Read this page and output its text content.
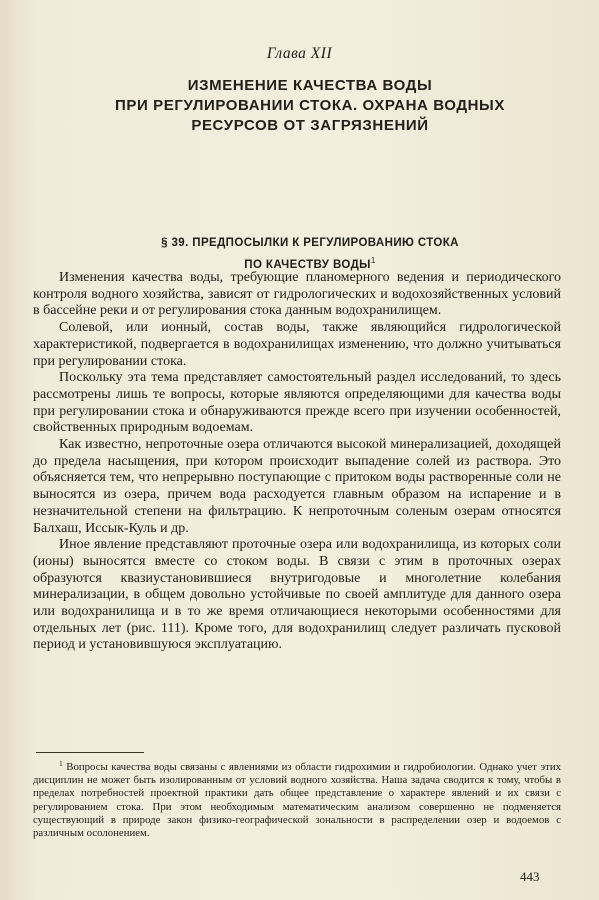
Глава XII
ИЗМЕНЕНИЕ КАЧЕСТВА ВОДЫ
ПРИ РЕГУЛИРОВАНИИ СТОКА. ОХРАНА ВОДНЫХ
РЕСУРСОВ ОТ ЗАГРЯЗНЕНИЙ
§ 39. ПРЕДПОСЫЛКИ К РЕГУЛИРОВАНИЮ СТОКА
ПО КАЧЕСТВУ ВОДЫ$^1$

Изменения качества воды, требующие планомерного ведения и периодического контроля водного хозяйства, зависят от гидрологических и водохозяйственных условий в бассейне реки и от регулирования стока данным водохранилищем.

Солевой, или ионный, состав воды, также являющийся гидрологической характеристикой, подвергается в водохранилищах изменению, что должно учитываться при регулировании стока.

Поскольку эта тема представляет самостоятельный раздел исследований, то здесь рассмотрены лишь те вопросы, которые являются определяющими для качества воды при регулировании стока и обнаруживаются прежде всего при изучении особенностей, свойственных природным водоемам.

Как известно, непроточные озера отличаются высокой минерализацией, доходящей до предела насыщения, при котором происходит выпадение солей из раствора. Это объясняется тем, что непрерывно поступающие с притоком воды растворенные соли не выносятся из озера, причем вода расходуется главным образом на испарение и в незначительной степени на фильтрацию. К непроточным соленым озерам относятся Балхаш, Иссык-Куль и др.

Иное явление представляют проточные озера или водохранилища, из которых соли (ионы) выносятся вместе со стоком воды. В связи с этим в проточных озерах образуются квазиустановившиеся внутригодовые и многолетние колебания минерализации, в общем довольно устойчивые по своей амплитуде для данного озера или водохранилища и в то же время отличающиеся некоторыми особенностями для отдельных лет (рис. 111). Кроме того, для водохранилищ следует различать пусковой период и установившуюся эксплуатацию.

$^1$ Вопросы качества воды связаны с явлениями из области гидрохимии и гидробиологии. Однако учет этих дисциплин не может быть изолированным от условий водного хозяйства. Наша задача сводится к тому, чтобы в пределах потребностей проектной практики дать общее представление о характере явлений и их связи с регулированием стока. При этом необходимым математическим анализом совершенно не подменяется существующий в природе закон физико-географической зональности в распределении озер и водоемов с различным осолонением.

443
